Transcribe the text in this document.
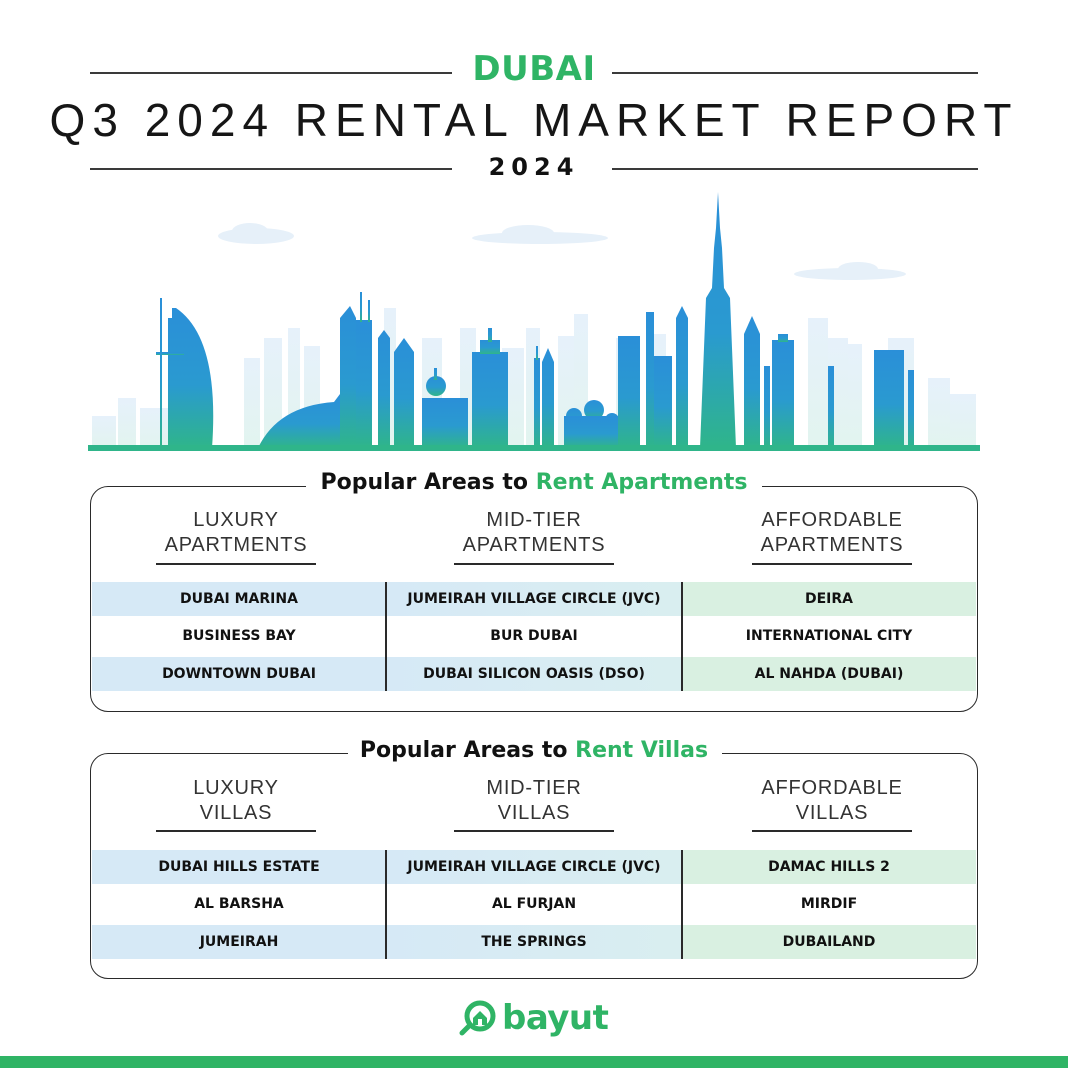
DUBAI
Q3 2024 RENTAL MARKET REPORT
2024
Popular Areas to Rent Apartments
LUXURY
APARTMENTS
MID-TIER
APARTMENTS
AFFORDABLE
APARTMENTS
DUBAI MARINA	JUMEIRAH VILLAGE CIRCLE (JVC)	DEIRA
BUSINESS BAY	BUR DUBAI	INTERNATIONAL CITY
DOWNTOWN DUBAI	DUBAI SILICON OASIS (DSO)	AL NAHDA (DUBAI)
Popular Areas to Rent Villas
LUXURY
VILLAS
MID-TIER
VILLAS
AFFORDABLE
VILLAS
DUBAI HILLS ESTATE	JUMEIRAH VILLAGE CIRCLE (JVC)	DAMAC HILLS 2
AL BARSHA	AL FURJAN	MIRDIF
JUMEIRAH	THE SPRINGS	DUBAILAND
bayut
